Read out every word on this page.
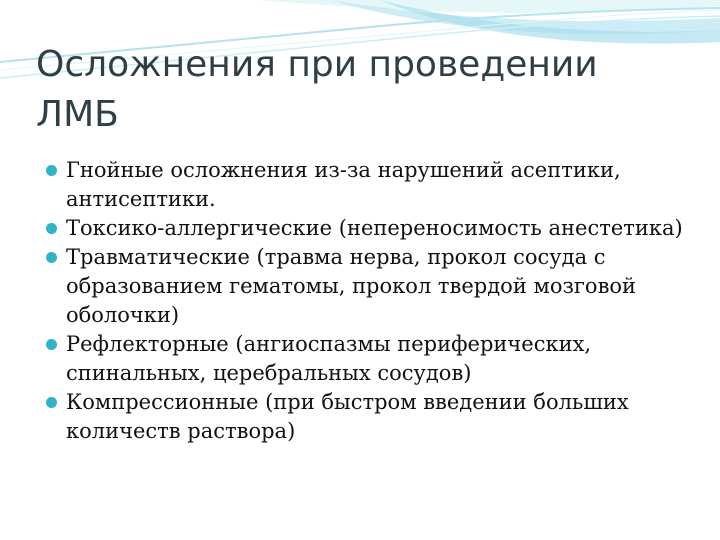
Осложнения при проведении ЛМБ
Гнойные осложнения из-за нарушений асептики, антисептики.
Токсико-аллергические (непереносимость анестетика)
Травматические (травма нерва, прокол сосуда с образованием гематомы, прокол твердой мозговой оболочки)
Рефлекторные (ангиоспазмы периферических, спинальных, церебральных сосудов)
Компрессионные (при быстром введении больших количеств раствора)
